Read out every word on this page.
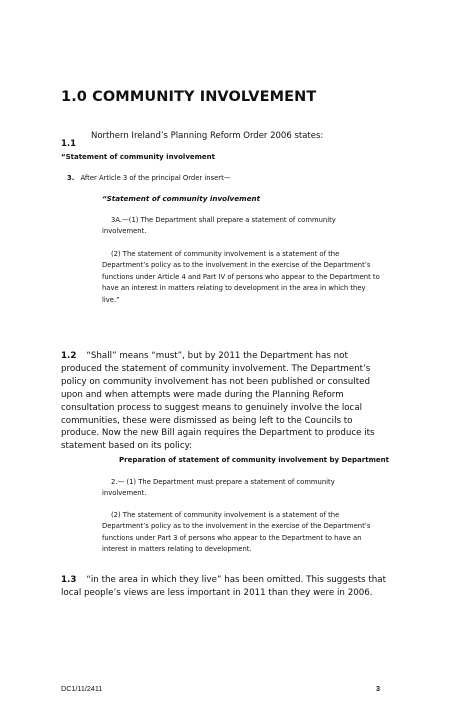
1.0 COMMUNITY INVOLVEMENT
1.1
Northern Ireland’s Planning Reform Order 2006 states:
“Statement of community involvement
3. After Article 3 of the principal Order insert—
“Statement of community involvement

3A.—(1) The Department shall prepare a statement of community involvement.

(2) The statement of community involvement is a statement of the Department’s policy as to the involvement in the exercise of the Department’s functions under Article 4 and Part IV of persons who appear to the Department to have an interest in matters relating to development in the area in which they live.”

1.2 “Shall” means “must”, but by 2011 the Department has not produced the statement of community involvement. The Department’s policy on community involvement has not been published or consulted upon and when attempts were made during the Planning Reform consultation process to suggest means to genuinely involve the local communities, these were dismissed as being left to the Councils to produce. Now the new Bill again requires the Department to produce its statement based on its policy:

Preparation of statement of community involvement by Department

2.— (1) The Department must prepare a statement of community involvement.

(2) The statement of community involvement is a statement of the Department’s policy as to the involvement in the exercise of the Department’s functions under Part 3 of persons who appear to the Department to have an interest in matters relating to development.

1.3 “in the area in which they live” has been omitted. This suggests that local people’s views are less important in 2011 than they were in 2006.

DC1/11/2411	3
